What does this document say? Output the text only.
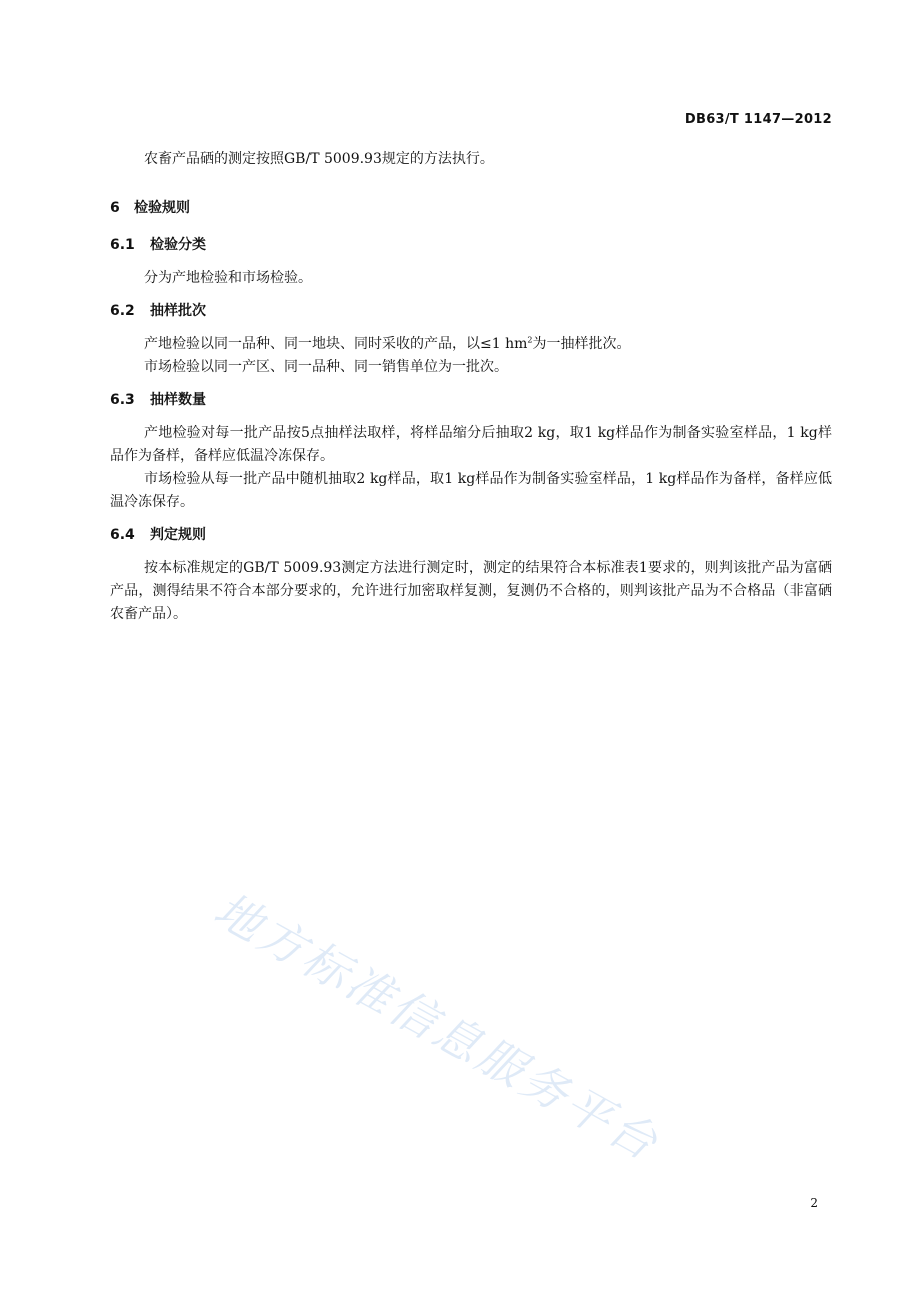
DB63/T 1147—2012

农畜产品硒的测定按照GB/T 5009.93规定的方法执行。

6 检验规则
6.1 检验分类

分为产地检验和市场检验。

6.2 抽样批次

产地检验以同一品种、同一地块、同时采收的产品，以≤1 $hm^2$为一抽样批次。

市场检验以同一产区、同一品种、同一销售单位为一批次。

6.3 抽样数量

产地检验对每一批产品按5点抽样法取样，将样品缩分后抽取2 kg，取1 kg样品作为制备实验室样品，1 kg样品作为备样，备样应低温冷冻保存。

市场检验从每一批产品中随机抽取2 kg样品，取1 kg样品作为制备实验室样品，1 kg样品作为备样，备样应低温冷冻保存。

6.4 判定规则

按本标准规定的GB/T 5009.93测定方法进行测定时，测定的结果符合本标准表1要求的，则判该批产品为富硒产品，测得结果不符合本部分要求的，允许进行加密取样复测，复测仍不合格的，则判该批产品为不合格品（非富硒农畜产品）。

地方标准信息服务平台
2
